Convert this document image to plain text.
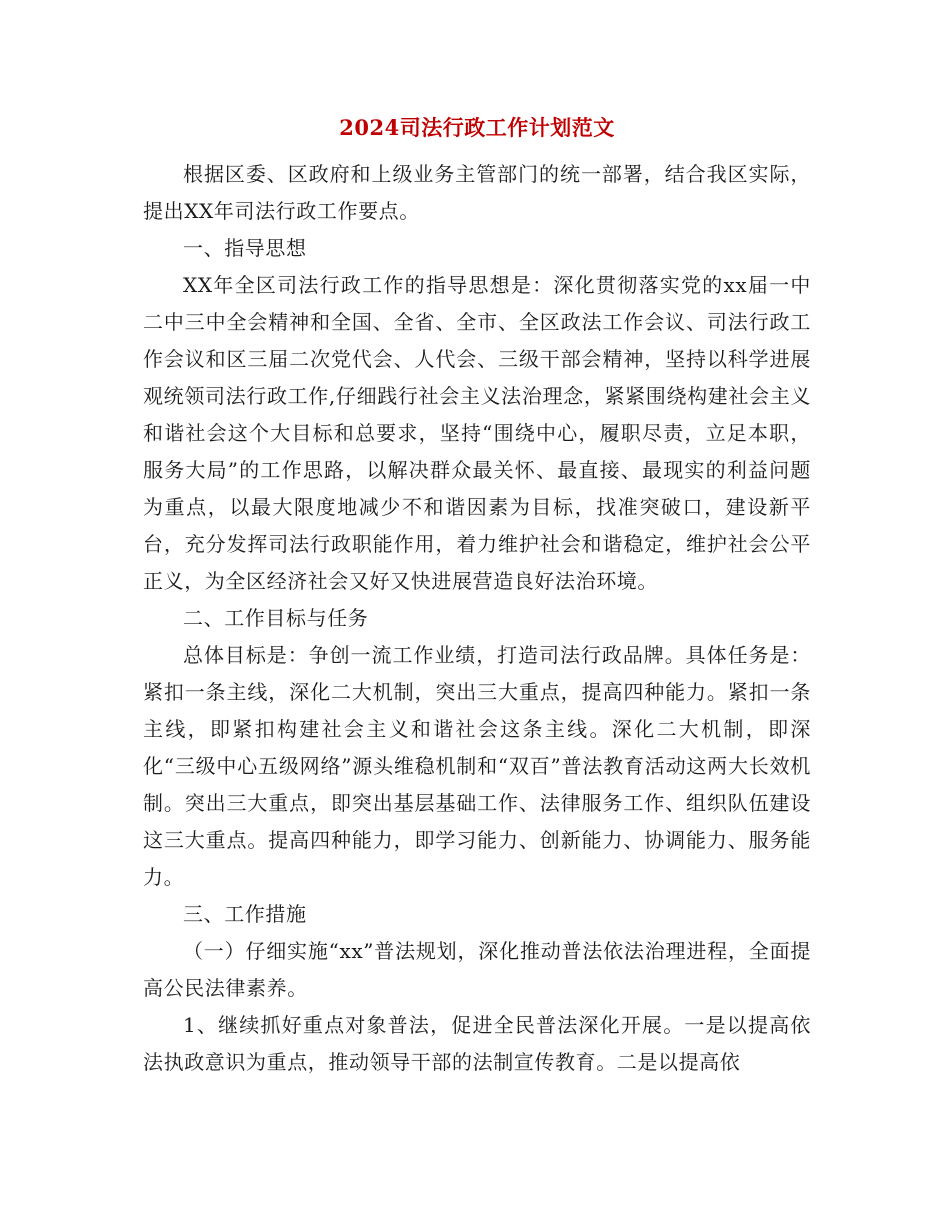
2024司法行政工作计划范文

根据区委、区政府和上级业务主管部门的统一部署，结合我区实际，提出XX年司法行政工作要点。

一、指导思想

XX年全区司法行政工作的指导思想是：深化贯彻落实党的xx届一中二中三中全会精神和全国、全省、全市、全区政法工作会议、司法行政工作会议和区三届二次党代会、人代会、三级干部会精神，坚持以科学进展观统领司法行政工作,仔细践行社会主义法治理念，紧紧围绕构建社会主义和谐社会这个大目标和总要求，坚持“围绕中心，履职尽责，立足本职，服务大局”的工作思路，以解决群众最关怀、最直接、最现实的利益问题为重点，以最大限度地减少不和谐因素为目标，找准突破口，建设新平台，充分发挥司法行政职能作用，着力维护社会和谐稳定，维护社会公平正义，为全区经济社会又好又快进展营造良好法治环境。

二、工作目标与任务

总体目标是：争创一流工作业绩，打造司法行政品牌。具体任务是：紧扣一条主线，深化二大机制，突出三大重点，提高四种能力。紧扣一条主线，即紧扣构建社会主义和谐社会这条主线。深化二大机制，即深化“三级中心五级网络”源头维稳机制和“双百”普法教育活动这两大长效机制。突出三大重点，即突出基层基础工作、法律服务工作、组织队伍建设这三大重点。提高四种能力，即学习能力、创新能力、协调能力、服务能力。

三、工作措施

（一）仔细实施“xx”普法规划，深化推动普法依法治理进程，全面提高公民法律素养。

1、继续抓好重点对象普法，促进全民普法深化开展。一是以提高依法执政意识为重点，推动领导干部的法制宣传教育。二是以提高依
